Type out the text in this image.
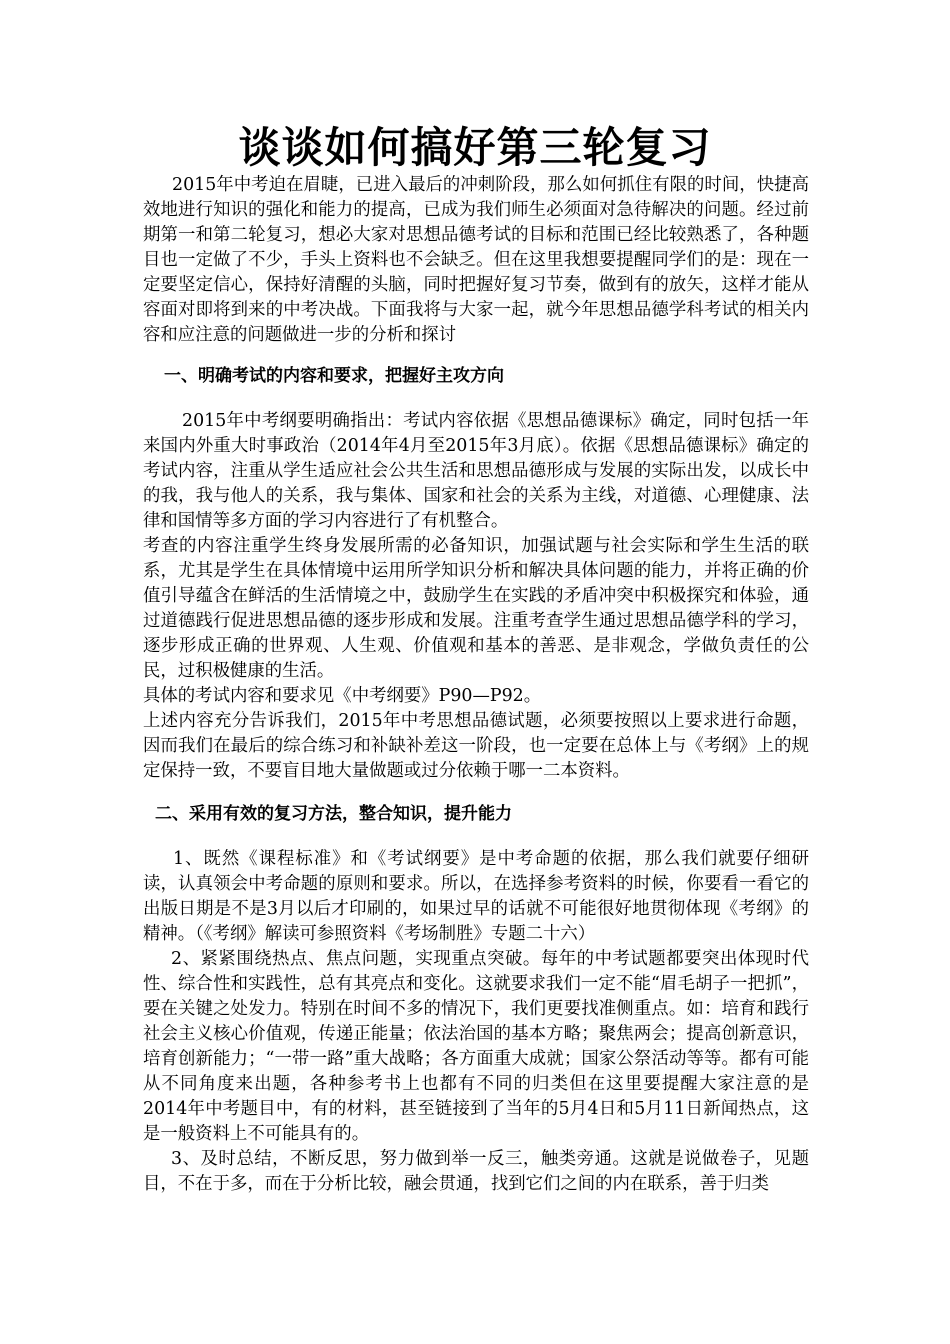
谈谈如何搞好第三轮复习

2015年中考迫在眉睫，已进入最后的冲刺阶段，那么如何抓住有限的时间，快捷高效地进行知识的强化和能力的提高，已成为我们师生必须面对急待解决的问题。经过前期第一和第二轮复习，想必大家对思想品德考试的目标和范围已经比较熟悉了，各种题目也一定做了不少，手头上资料也不会缺乏。但在这里我想要提醒同学们的是：现在一定要坚定信心，保持好清醒的头脑，同时把握好复习节奏，做到有的放矢，这样才能从容面对即将到来的中考决战。下面我将与大家一起，就今年思想品德学科考试的相关内容和应注意的问题做进一步的分析和探讨

一、明确考试的内容和要求，把握好主攻方向

2015年中考纲要明确指出：考试内容依据《思想品德课标》确定，同时包括一年来国内外重大时事政治（2014年4月至2015年3月底）。依据《思想品德课标》确定的考试内容，注重从学生适应社会公共生活和思想品德形成与发展的实际出发，以成长中的我，我与他人的关系，我与集体、国家和社会的关系为主线，对道德、心理健康、法律和国情等多方面的学习内容进行了有机整合。

考查的内容注重学生终身发展所需的必备知识，加强试题与社会实际和学生生活的联系，尤其是学生在具体情境中运用所学知识分析和解决具体问题的能力，并将正确的价值引导蕴含在鲜活的生活情境之中，鼓励学生在实践的矛盾冲突中积极探究和体验，通过道德践行促进思想品德的逐步形成和发展。注重考查学生通过思想品德学科的学习，逐步形成正确的世界观、人生观、价值观和基本的善恶、是非观念，学做负责任的公民，过积极健康的生活。

具体的考试内容和要求见《中考纲要》P90—P92。

上述内容充分告诉我们，2015年中考思想品德试题，必须要按照以上要求进行命题，因而我们在最后的综合练习和补缺补差这一阶段，也一定要在总体上与《考纲》上的规定保持一致，不要盲目地大量做题或过分依赖于哪一二本资料。

二、采用有效的复习方法，整合知识，提升能力

1、既然《课程标准》和《考试纲要》是中考命题的依据，那么我们就要仔细研读，认真领会中考命题的原则和要求。所以，在选择参考资料的时候，你要看一看它的出版日期是不是3月以后才印刷的，如果过早的话就不可能很好地贯彻体现《考纲》的精神。（《考纲》解读可参照资料《考场制胜》专题二十六）

2、紧紧围绕热点、焦点问题，实现重点突破。每年的中考试题都要突出体现时代性、综合性和实践性，总有其亮点和变化。这就要求我们一定不能“眉毛胡子一把抓”，要在关键之处发力。特别在时间不多的情况下，我们更要找准侧重点。如：培育和践行社会主义核心价值观，传递正能量；依法治国的基本方略；聚焦两会；提高创新意识，培育创新能力；“一带一路”重大战略；各方面重大成就；国家公祭活动等等。都有可能从不同角度来出题，各种参考书上也都有不同的归类但在这里要提醒大家注意的是2014年中考题目中，有的材料，甚至链接到了当年的5月4日和5月11日新闻热点，这是一般资料上不可能具有的。

3、及时总结，不断反思，努力做到举一反三，触类旁通。这就是说做卷子，见题目，不在于多，而在于分析比较，融会贯通，找到它们之间的内在联系，善于归类
